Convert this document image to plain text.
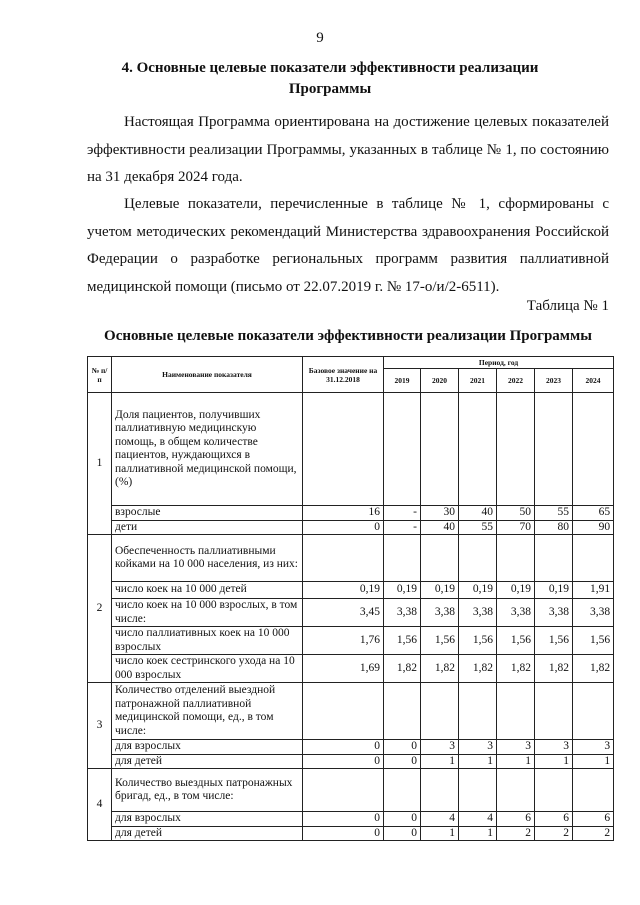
9
4. Основные целевые показатели эффективности реализации Программы

Настоящая Программа ориентирована на достижение целевых показателей эффективности реализации Программы, указанных в таблице № 1, по состоянию на 31 декабря 2024 года.

Целевые показатели, перечисленные в таблице № 1, сформированы с учетом методических рекомендаций Министерства здравоохранения Российской Федерации о разработке региональных программ развития паллиативной медицинской помощи (письмо от 22.07.2019 г. № 17-о/и/2-6511).

Таблица № 1
Основные целевые показатели эффективности реализации Программы
№ п/п	Наименование показателя	Базовое значение на 31.12.2018	Период, год					
			2019	2020	2021	2022	2023	2024
1	Доля пациентов, получивших паллиативную медицинскую помощь, в общем количестве пациентов, нуждающихся в паллиативной медицинской помощи, (%)							
	взрослые	16	-	30	40	50	55	65
	дети	0	-	40	55	70	80	90
2	Обеспеченность паллиативными койками на 10 000 населения, из них:							
	число коек на 10 000 детей	0,19	0,19	0,19	0,19	0,19	0,19	1,91
	число коек на 10 000 взрослых, в том числе:	3,45	3,38	3,38	3,38	3,38	3,38	3,38
	число паллиативных коек на 10 000 взрослых	1,76	1,56	1,56	1,56	1,56	1,56	1,56
	число коек сестринского ухода на 10 000 взрослых	1,69	1,82	1,82	1,82	1,82	1,82	1,82
3	Количество отделений выездной патронажной паллиативной медицинской помощи, ед., в том числе:							
	для взрослых	0	0	3	3	3	3	3
	для детей	0	0	1	1	1	1	1
4	Количество выездных патронажных бригад, ед., в том числе:							
	для взрослых	0	0	4	4	6	6	6
	для детей	0	0	1	1	2	2	2
